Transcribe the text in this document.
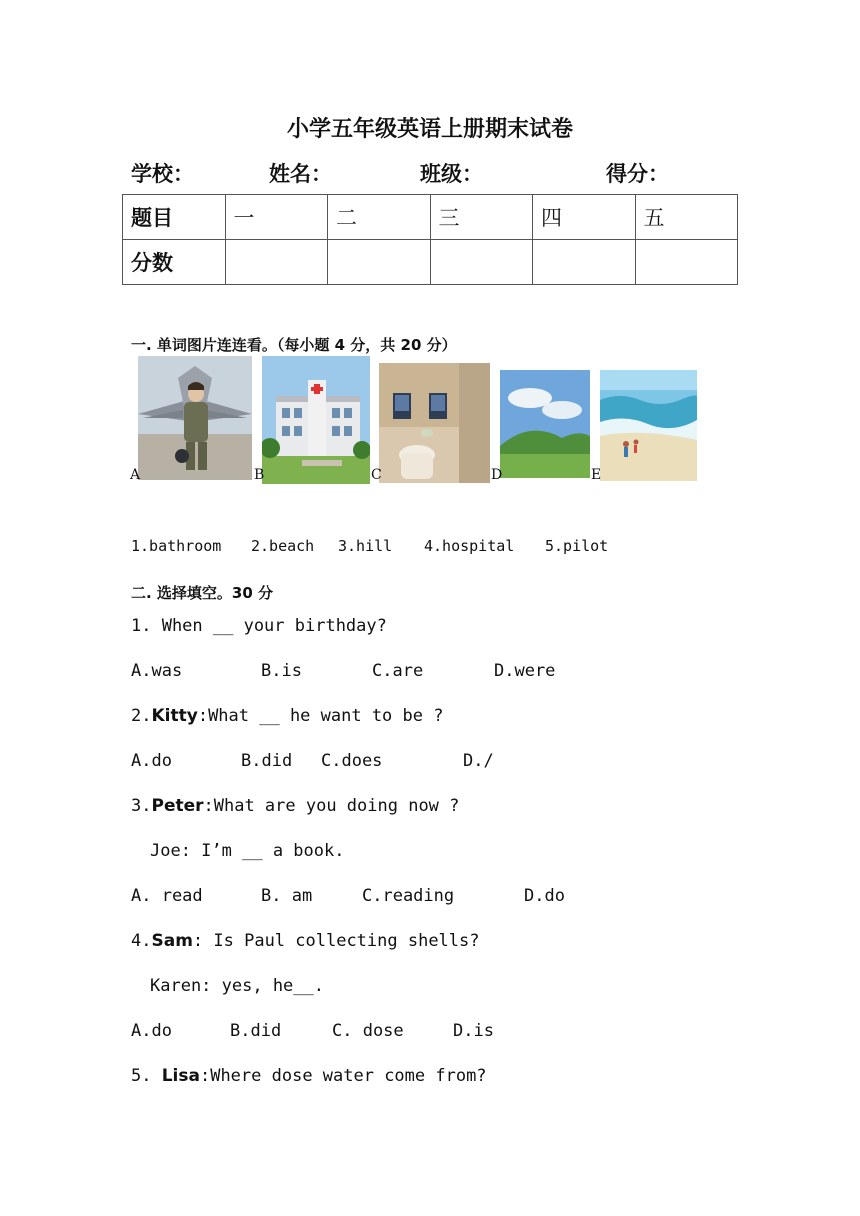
小学五年级英语上册期末试卷
学校：	姓名：	班级：	得分：
题目	一	二	三	四	五
分数					
一. 单词图片连连看。（每小题 4 分，共 20 分）
A	B	C	D	E
1.bathroom 2.beach 3.hill 4.hospital 5.pilot
二. 选择填空。30 分
1. When __ your birthday?
A.was	B.is	C.are	D.were
2.Kitty:What __ he want to be ?
A.do	B.did C.does	D./
3.Peter:What are you doing now ?
Joe: I’m __ a book.
A. read	B. am	C.reading	D.do
4.Sam: Is Paul collecting shells?
Karen: yes, he__.
A.do	B.did	C. dose	D.is
5. Lisa:Where dose water come from?
